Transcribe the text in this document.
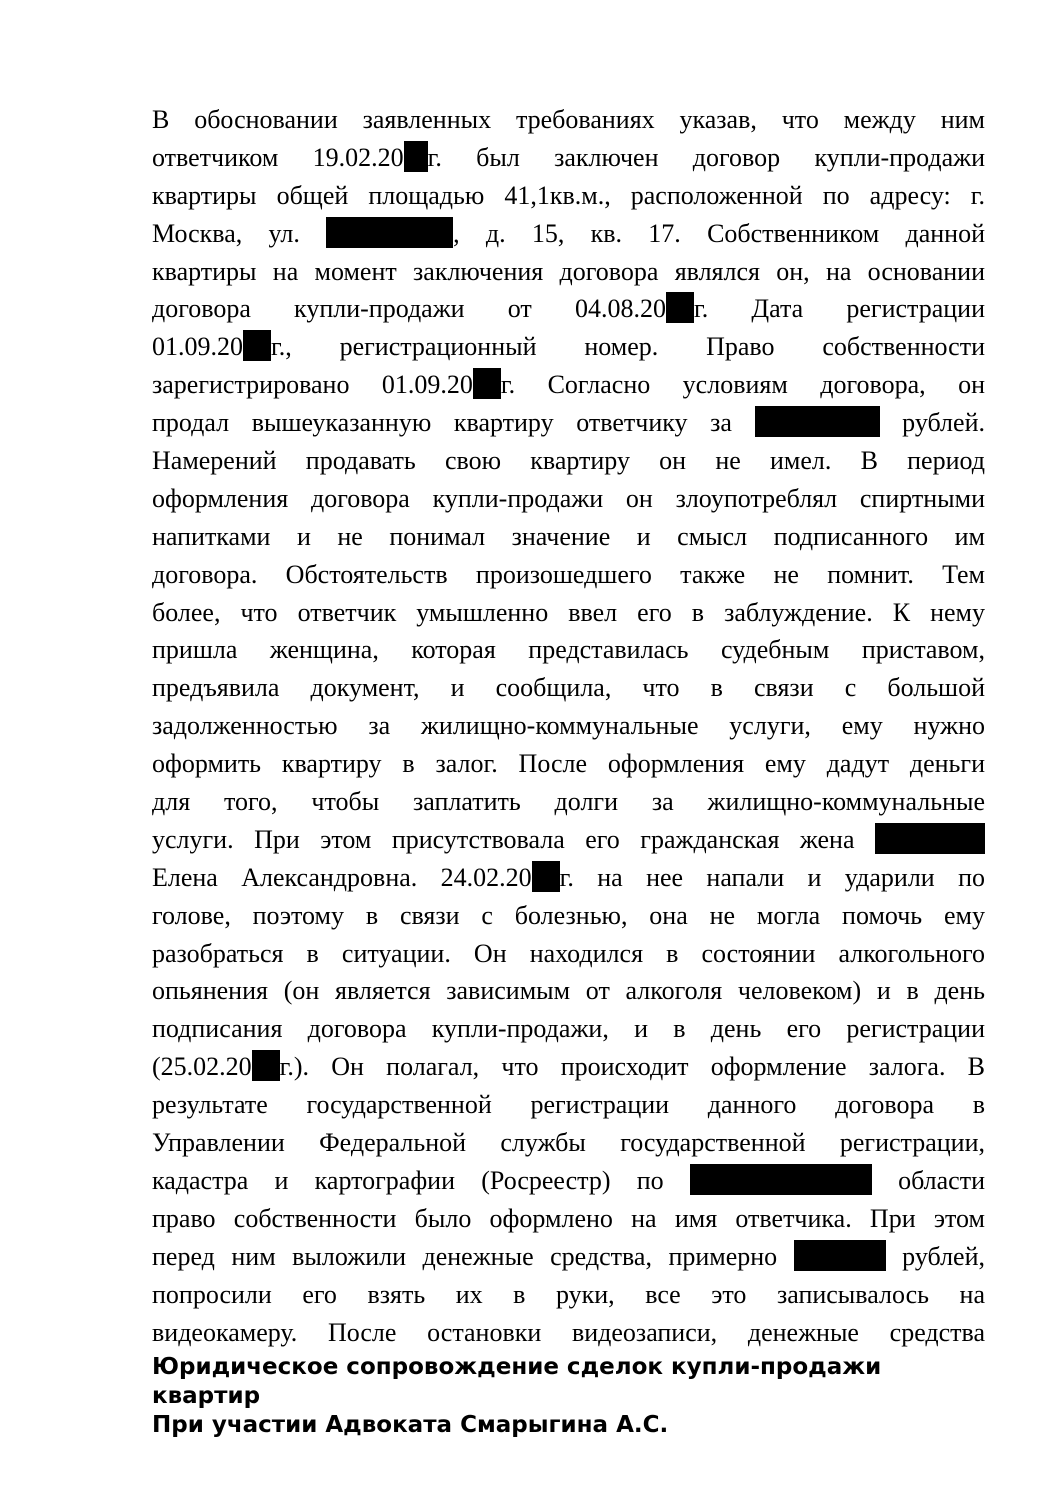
В обосновании заявленных требованиях указав, что между ним
ответчиком 19.02.20 г. был заключен договор купли-продажи
квартиры общей площадью 41,1кв.м., расположенной по адресу: г.
Москва, ул.	, д. 15, кв. 17. Собственником данной
квартиры на момент заключения договора являлся он, на основании
договора купли-продажи от 04.08.20 г. Дата регистрации
01.09.20 г., регистрационный номер. Право собственности
зарегистрировано 01.09.20 г. Согласно условиям договора, он
продал вышеуказанную квартиру ответчику за	рублей.
Намерений продавать свою квартиру он не имел. В период
оформления договора купли-продажи он злоупотреблял спиртными
напитками и не понимал значение и смысл подписанного им
договора. Обстоятельств произошедшего также не помнит. Тем
более, что ответчик умышленно ввел его в заблуждение. К нему
пришла женщина, которая представилась судебным приставом,
предъявила документ, и сообщила, что в связи с большой
задолженностью за жилищно-коммунальные услуги, ему нужно
оформить квартиру в залог. После оформления ему дадут деньги
для того, чтобы заплатить долги за жилищно-коммунальные
услуги. При этом присутствовала его гражданская жена
Елена Александровна. 24.02.20 г. на нее напали и ударили по
голове, поэтому в связи с болезнью, она не могла помочь ему
разобраться в ситуации. Он находился в состоянии алкогольного
опьянения (он является зависимым от алкоголя человеком) и в день
подписания договора купли-продажи, и в день его регистрации
(25.02.20 г.). Он полагал, что происходит оформление залога. В
результате государственной регистрации данного договора в
Управлении Федеральной службы государственной регистрации,
кадастра и картографии (Росреестр) по	области
право собственности было оформлено на имя ответчика. При этом
перед ним выложили денежные средства, примерно	рублей,
попросили его взять их в руки, все это записывалось на
видеокамеру. После остановки видеозаписи, денежные средства
Юридическое сопровождение сделок купли-продажи
квартир
При участии Адвоката Смарыгина А.С.
